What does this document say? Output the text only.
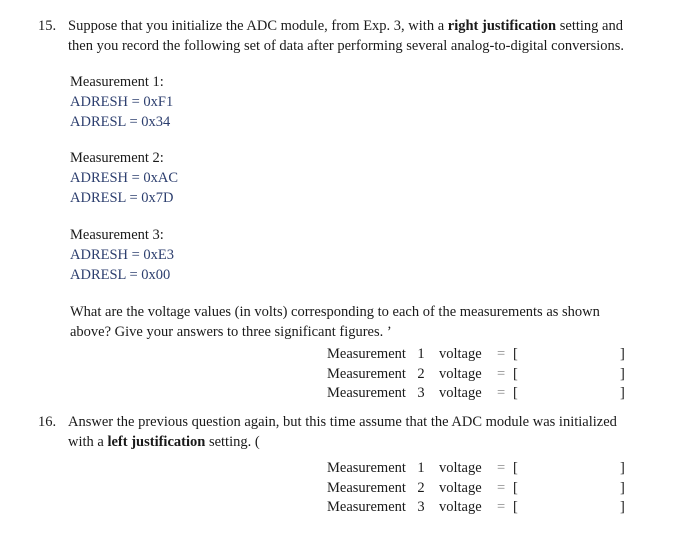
15. Suppose that you initialize the ADC module, from Exp. 3, with a right justification setting and
then you record the following set of data after performing several analog-to-digital conversions.
Measurement 1:
ADRESH = 0xF1
ADRESL = 0x34
Measurement 2:
ADRESH = 0xAC
ADRESL = 0x7D
Measurement 3:
ADRESH = 0xE3
ADRESL = 0x00
What are the voltage values (in volts) corresponding to each of the measurements as shown
above? Give your answers to three significant figures. ’
Measurement 1 voltage = [	]
Measurement 2 voltage = [	]
Measurement 3 voltage = [	]
16. Answer the previous question again, but this time assume that the ADC module was initialized
with a left justification setting. (
Measurement 1 voltage = [	]
Measurement 2 voltage = [	]
Measurement 3 voltage = [	]
